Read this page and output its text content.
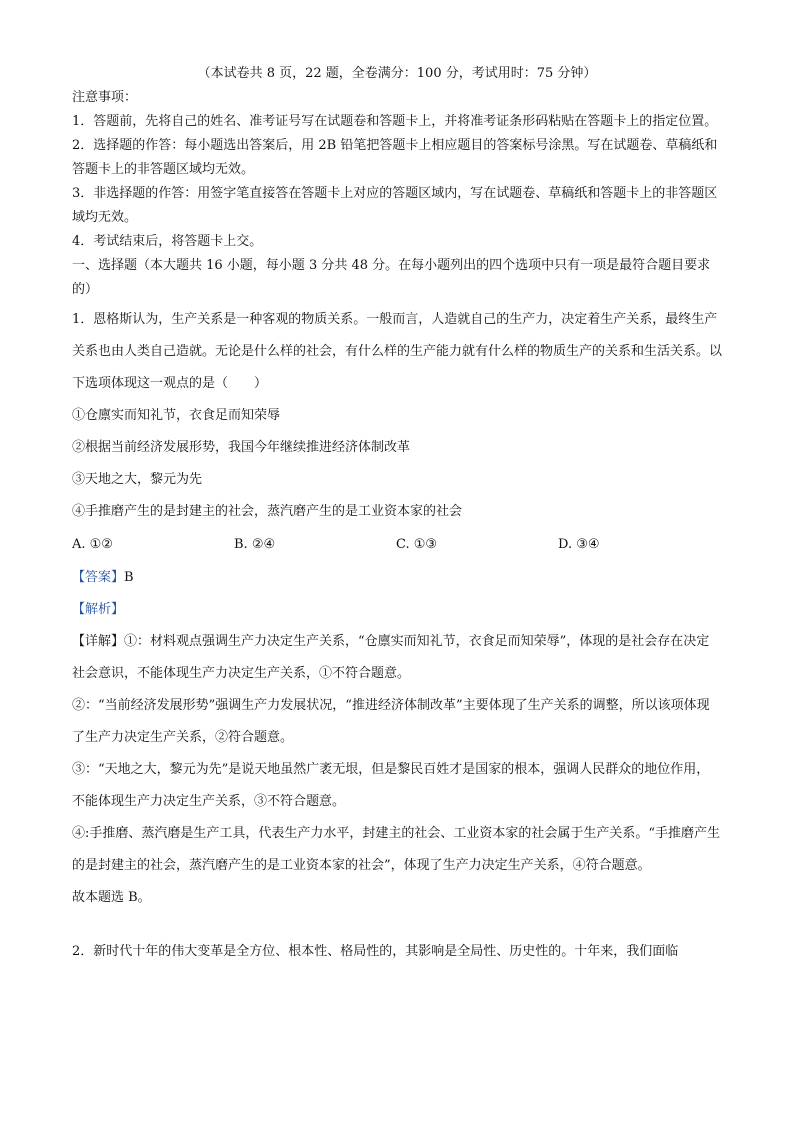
（本试卷共 8 页，22 题，全卷满分：100 分，考试用时：75 分钟）

注意事项：

1．答题前，先将自己的姓名、准考证号写在试题卷和答题卡上，并将准考证条形码粘贴在答题卡上的指定位置。

2．选择题的作答：每小题选出答案后，用 2B 铅笔把答题卡上相应题目的答案标号涂黑。写在试题卷、草稿纸和答题卡上的非答题区域均无效。

3．非选择题的作答：用签字笔直接答在答题卡上对应的答题区域内，写在试题卷、草稿纸和答题卡上的非答题区域均无效。

4．考试结束后，将答题卡上交。

一、选择题（本大题共 16 小题，每小题 3 分共 48 分。在每小题列出的四个选项中只有一项是最符合题目要求的）

1．恩格斯认为，生产关系是一种客观的物质关系。一般而言，人造就自己的生产力，决定着生产关系，最终生产关系也由人类自己造就。无论是什么样的社会，有什么样的生产能力就有什么样的物质生产的关系和生活关系。以下选项体现这一观点的是（　　）

①仓廪实而知礼节，衣食足而知荣辱

②根据当前经济发展形势，我国今年继续推进经济体制改革

③天地之大，黎元为先

④手推磨产生的是封建主的社会，蒸汽磨产生的是工业资本家的社会

A. ①②	B. ②④	C. ①③	D. ③④

【答案】B

【解析】

【详解】①：材料观点强调生产力决定生产关系，“仓廪实而知礼节，衣食足而知荣辱”，体现的是社会存在决定社会意识，不能体现生产力决定生产关系，①不符合题意。

②：“当前经济发展形势”强调生产力发展状况，“推进经济体制改革”主要体现了生产关系的调整，所以该项体现了生产力决定生产关系，②符合题意。

③：“天地之大，黎元为先”是说天地虽然广袤无垠，但是黎民百姓才是国家的根本，强调人民群众的地位作用，不能体现生产力决定生产关系，③不符合题意。

④:手推磨、蒸汽磨是生产工具，代表生产力水平，封建主的社会、工业资本家的社会属于生产关系。“手推磨产生的是封建主的社会，蒸汽磨产生的是工业资本家的社会”，体现了生产力决定生产关系，④符合题意。

故本题选 B。

2．新时代十年的伟大变革是全方位、根本性、格局性的，其影响是全局性、历史性的。十年来，我们面临
